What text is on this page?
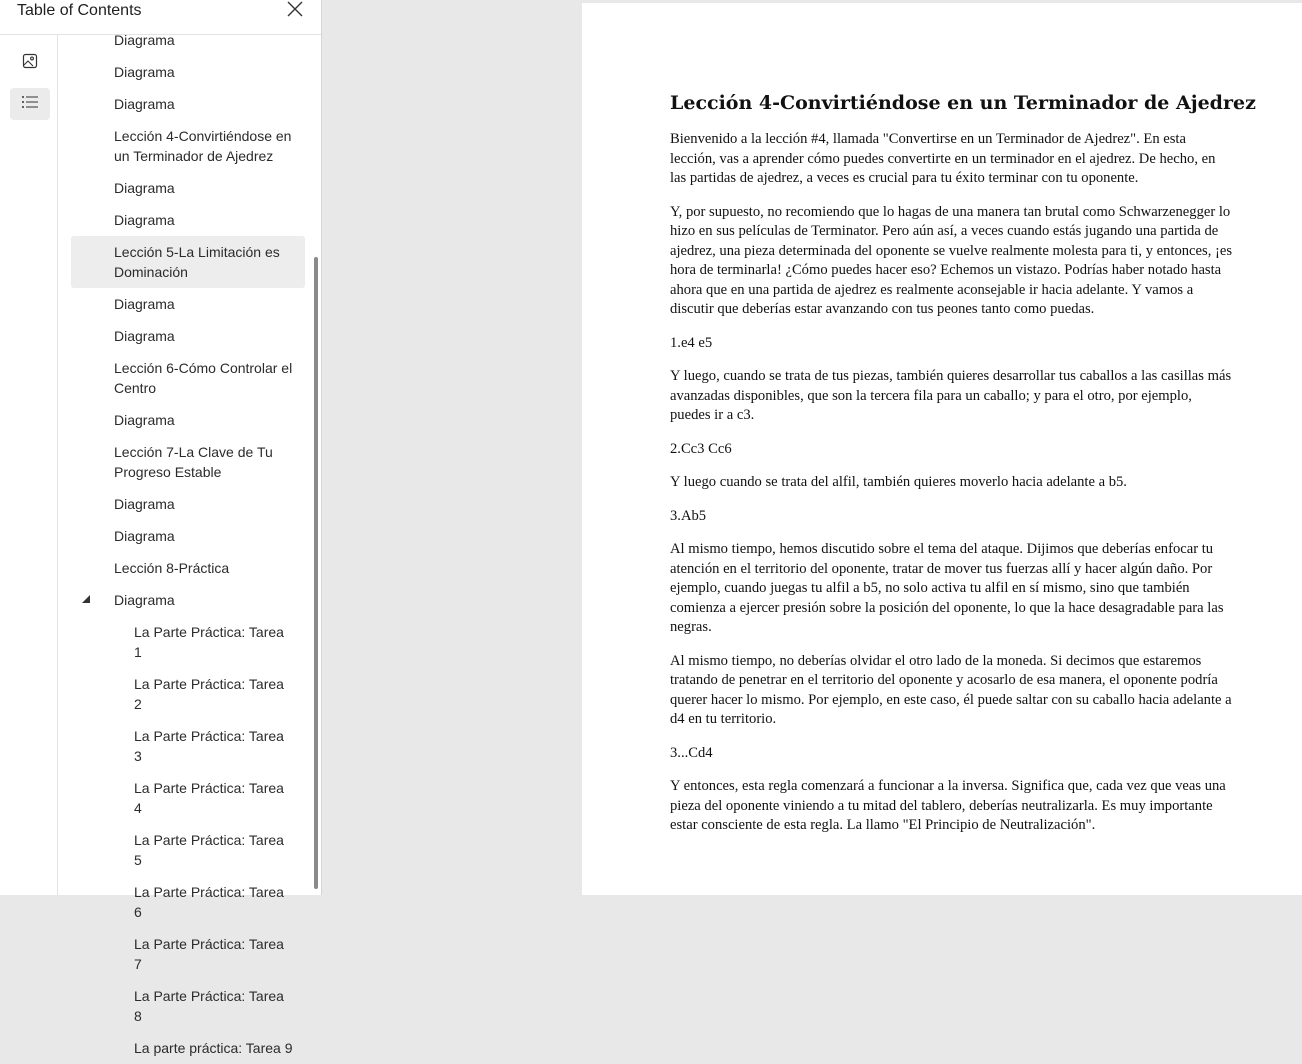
Table of Contents
Diagrama
Diagrama
Diagrama
Lección 4-Convirtiéndose en un Terminador de Ajedrez
Diagrama
Diagrama
Lección 5-La Limitación es Dominación
Diagrama
Diagrama
Lección 6-Cómo Controlar el Centro
Diagrama
Lección 7-La Clave de Tu Progreso Estable
Diagrama
Diagrama
Lección 8-Práctica
Diagrama
La Parte Práctica: Tarea 1
La Parte Práctica: Tarea 2
La Parte Práctica: Tarea 3
La Parte Práctica: Tarea 4
La Parte Práctica: Tarea 5
La Parte Práctica: Tarea 6
La Parte Práctica: Tarea 7
La Parte Práctica: Tarea 8
La parte práctica: Tarea 9
Lección 4-Convirtiéndose en un Terminador de Ajedrez

Bienvenido a la lección #4, llamada "Convertirse en un Terminador de Ajedrez". En esta lección, vas a aprender cómo puedes convertirte en un terminador en el ajedrez. De hecho, en las partidas de ajedrez, a veces es crucial para tu éxito terminar con tu oponente.

Y, por supuesto, no recomiendo que lo hagas de una manera tan brutal como Schwarzenegger lo hizo en sus películas de Terminator. Pero aún así, a veces cuando estás jugando una partida de ajedrez, una pieza determinada del oponente se vuelve realmente molesta para ti, y entonces, ¡es hora de terminarla! ¿Cómo puedes hacer eso? Echemos un vistazo. Podrías haber notado hasta ahora que en una partida de ajedrez es realmente aconsejable ir hacia adelante. Y vamos a discutir que deberías estar avanzando con tus peones tanto como puedas.

1.e4 e5

Y luego, cuando se trata de tus piezas, también quieres desarrollar tus caballos a las casillas más avanzadas disponibles, que son la tercera fila para un caballo; y para el otro, por ejemplo, puedes ir a c3.

2.Cc3 Cc6

Y luego cuando se trata del alfil, también quieres moverlo hacia adelante a b5.

3.Ab5

Al mismo tiempo, hemos discutido sobre el tema del ataque. Dijimos que deberías enfocar tu atención en el territorio del oponente, tratar de mover tus fuerzas allí y hacer algún daño. Por ejemplo, cuando juegas tu alfil a b5, no solo activa tu alfil en sí mismo, sino que también comienza a ejercer presión sobre la posición del oponente, lo que la hace desagradable para las negras.

Al mismo tiempo, no deberías olvidar el otro lado de la moneda. Si decimos que estaremos tratando de penetrar en el territorio del oponente y acosarlo de esa manera, el oponente podría querer hacer lo mismo. Por ejemplo, en este caso, él puede saltar con su caballo hacia adelante a d4 en tu territorio.

3...Cd4

Y entonces, esta regla comenzará a funcionar a la inversa. Significa que, cada vez que veas una pieza del oponente viniendo a tu mitad del tablero, deberías neutralizarla. Es muy importante estar consciente de esta regla. La llamo "El Principio de Neutralización".
